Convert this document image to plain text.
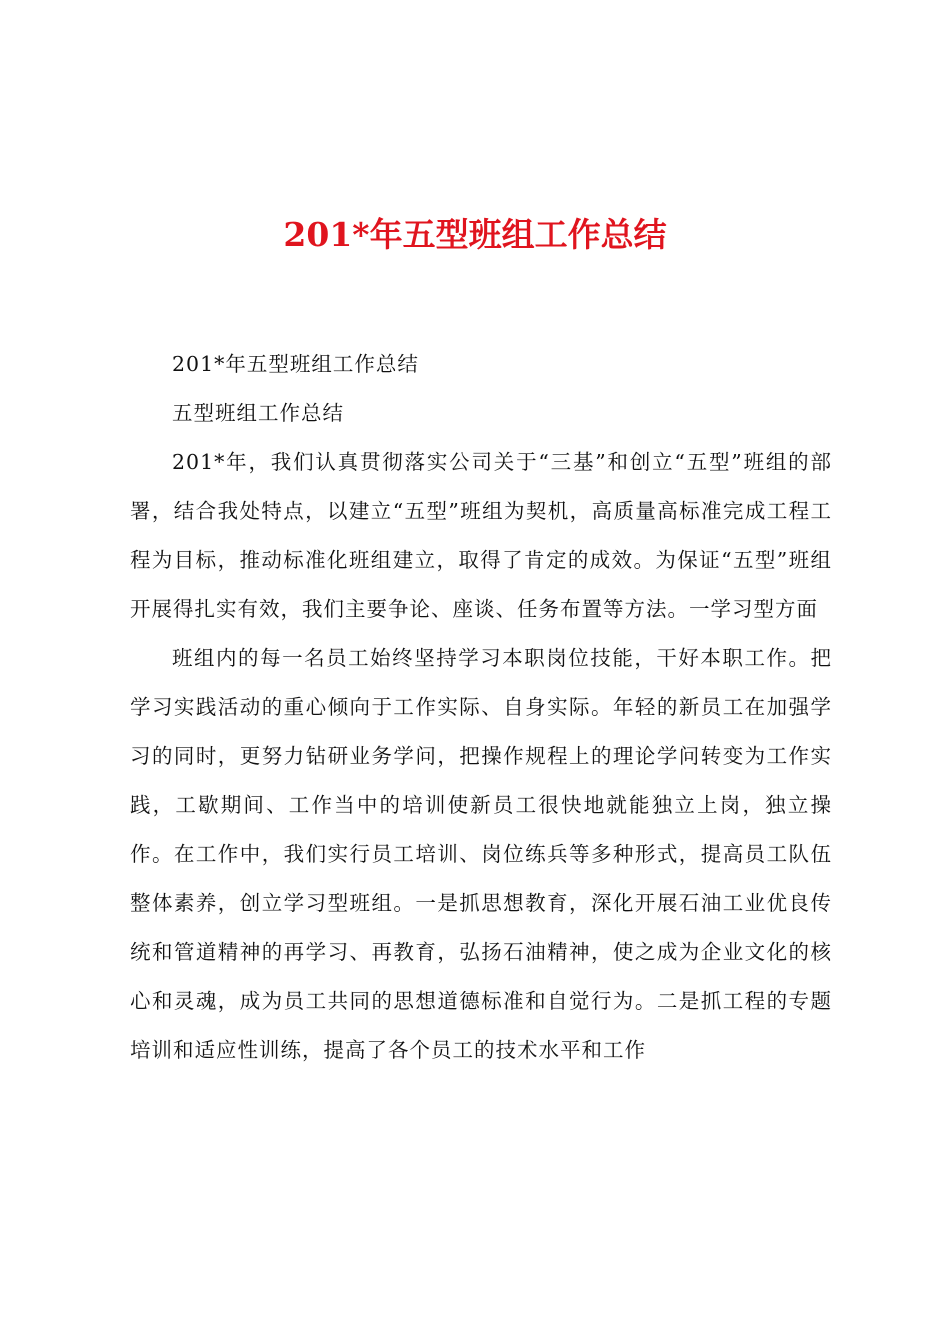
201*年五型班组工作总结

201*年五型班组工作总结

五型班组工作总结

201*年，我们认真贯彻落实公司关于“三基”和创立“五型”班组的部署，结合我处特点，以建立“五型”班组为契机，高质量高标准完成工程工程为目标，推动标准化班组建立，取得了肯定的成效。为保证“五型”班组开展得扎实有效，我们主要争论、座谈、任务布置等方法。一学习型方面

班组内的每一名员工始终坚持学习本职岗位技能，干好本职工作。把学习实践活动的重心倾向于工作实际、自身实际。年轻的新员工在加强学习的同时，更努力钻研业务学问，把操作规程上的理论学问转变为工作实践，工歇期间、工作当中的培训使新员工很快地就能独立上岗，独立操作。在工作中，我们实行员工培训、岗位练兵等多种形式，提高员工队伍整体素养，创立学习型班组。一是抓思想教育，深化开展石油工业优良传统和管道精神的再学习、再教育，弘扬石油精神，使之成为企业文化的核心和灵魂，成为员工共同的思想道德标准和自觉行为。二是抓工程的专题培训和适应性训练，提高了各个员工的技术水平和工作
